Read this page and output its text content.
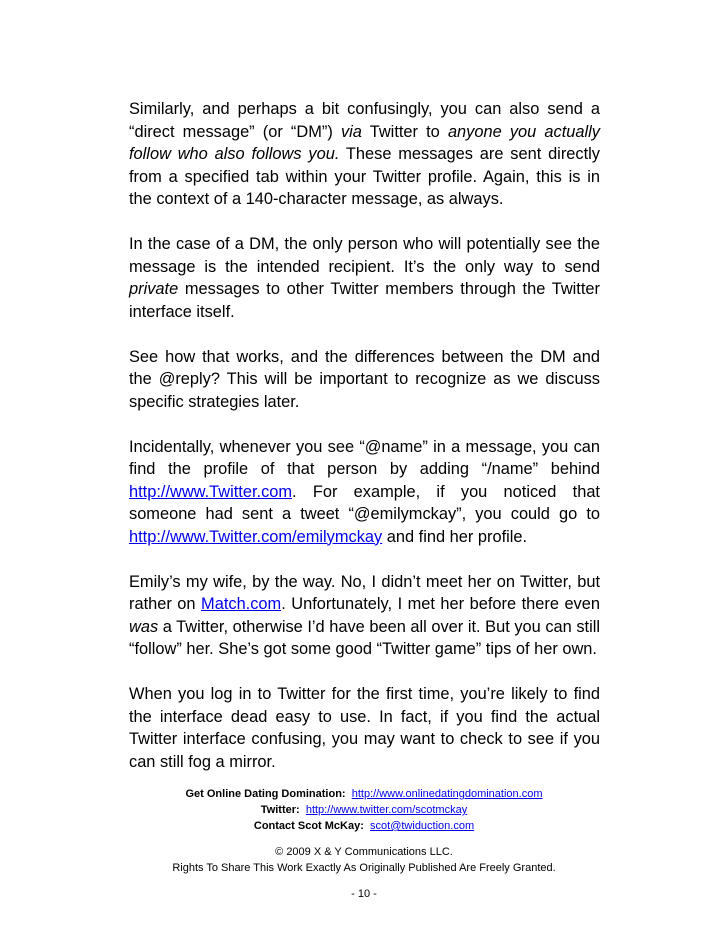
Similarly, and perhaps a bit confusingly, you can also send a “direct message” (or “DM”) via Twitter to anyone you actually follow who also follows you. These messages are sent directly from a specified tab within your Twitter profile. Again, this is in the context of a 140-character message, as always.

In the case of a DM, the only person who will potentially see the message is the intended recipient. It’s the only way to send private messages to other Twitter members through the Twitter interface itself.

See how that works, and the differences between the DM and the @reply? This will be important to recognize as we discuss specific strategies later.

Incidentally, whenever you see “@name” in a message, you can find the profile of that person by adding “/name” behind http://www.Twitter.com. For example, if you noticed that someone had sent a tweet “@emilymckay”, you could go to http://www.Twitter.com/emilymckay and find her profile.

Emily’s my wife, by the way. No, I didn’t meet her on Twitter, but rather on Match.com. Unfortunately, I met her before there even was a Twitter, otherwise I’d have been all over it. But you can still “follow” her. She’s got some good “Twitter game” tips of her own.

When you log in to Twitter for the first time, you’re likely to find the interface dead easy to use. In fact, if you find the actual Twitter interface confusing, you may want to check to see if you can still fog a mirror.

Get Online Dating Domination: http://www.onlinedatingdomination.com
Twitter: http://www.twitter.com/scotmckay
Contact Scot McKay: scot@twiduction.com
© 2009 X & Y Communications LLC.
Rights To Share This Work Exactly As Originally Published Are Freely Granted.
- 10 -
